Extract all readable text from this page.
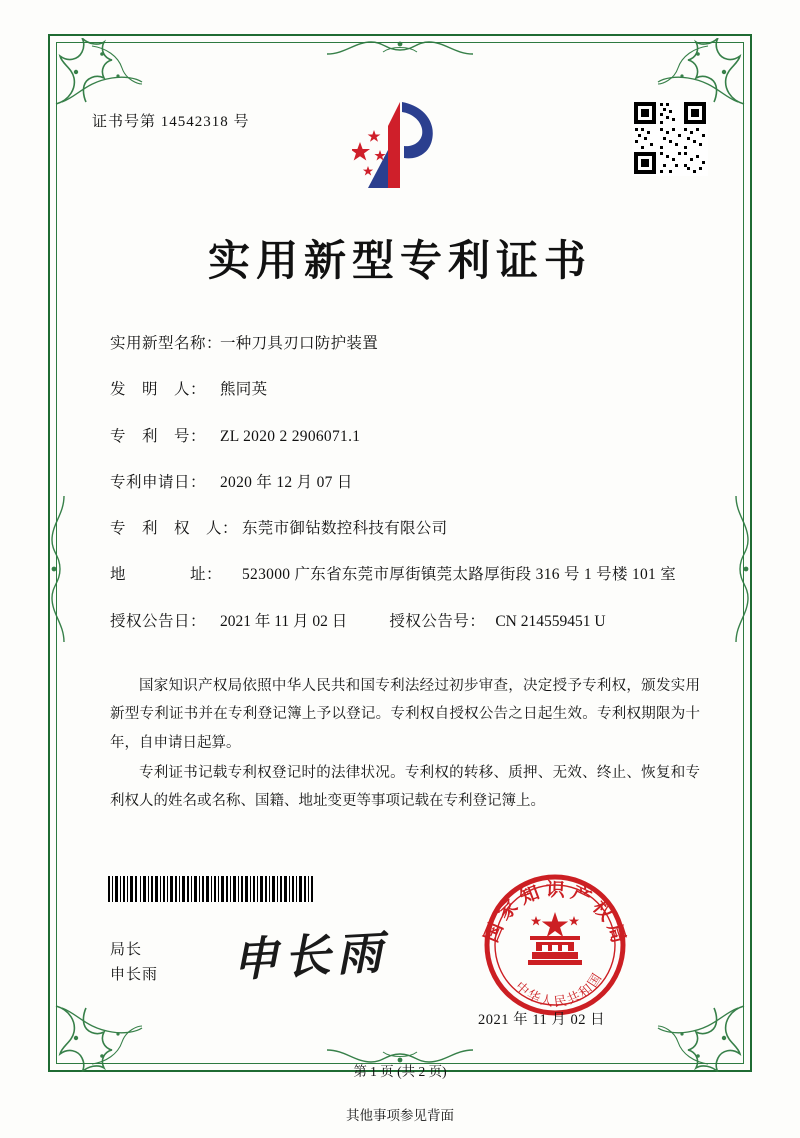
证书号第 14542318 号
实用新型专利证书
实用新型名称：
一种刀具刃口防护装置
发　明　人： 熊同英
专　利　号： ZL 2020 2 2906071.1
专利申请日： 2020 年 12 月 07 日
专　利　权　人： 东莞市御钻数控科技有限公司
地　　　　址：	523000 广东省东莞市厚街镇莞太路厚街段 316 号 1 号楼 101 室
授权公告日： 2021 年 11 月 02 日	授权公告号： CN 214559451 U

国家知识产权局依照中华人民共和国专利法经过初步审查，决定授予专利权，颁发实用新型专利证书并在专利登记簿上予以登记。专利权自授权公告之日起生效。专利权期限为十年，自申请日起算。

专利证书记载专利权登记时的法律状况。专利权的转移、质押、无效、终止、恢复和专利权人的姓名或名称、国籍、地址变更等事项记载在专利登记簿上。

局长
申长雨 申长雨	国家知识产权局
中华人民共和国
2021 年 11 月 02 日
第 1 页 (共 2 页)
其他事项参见背面
